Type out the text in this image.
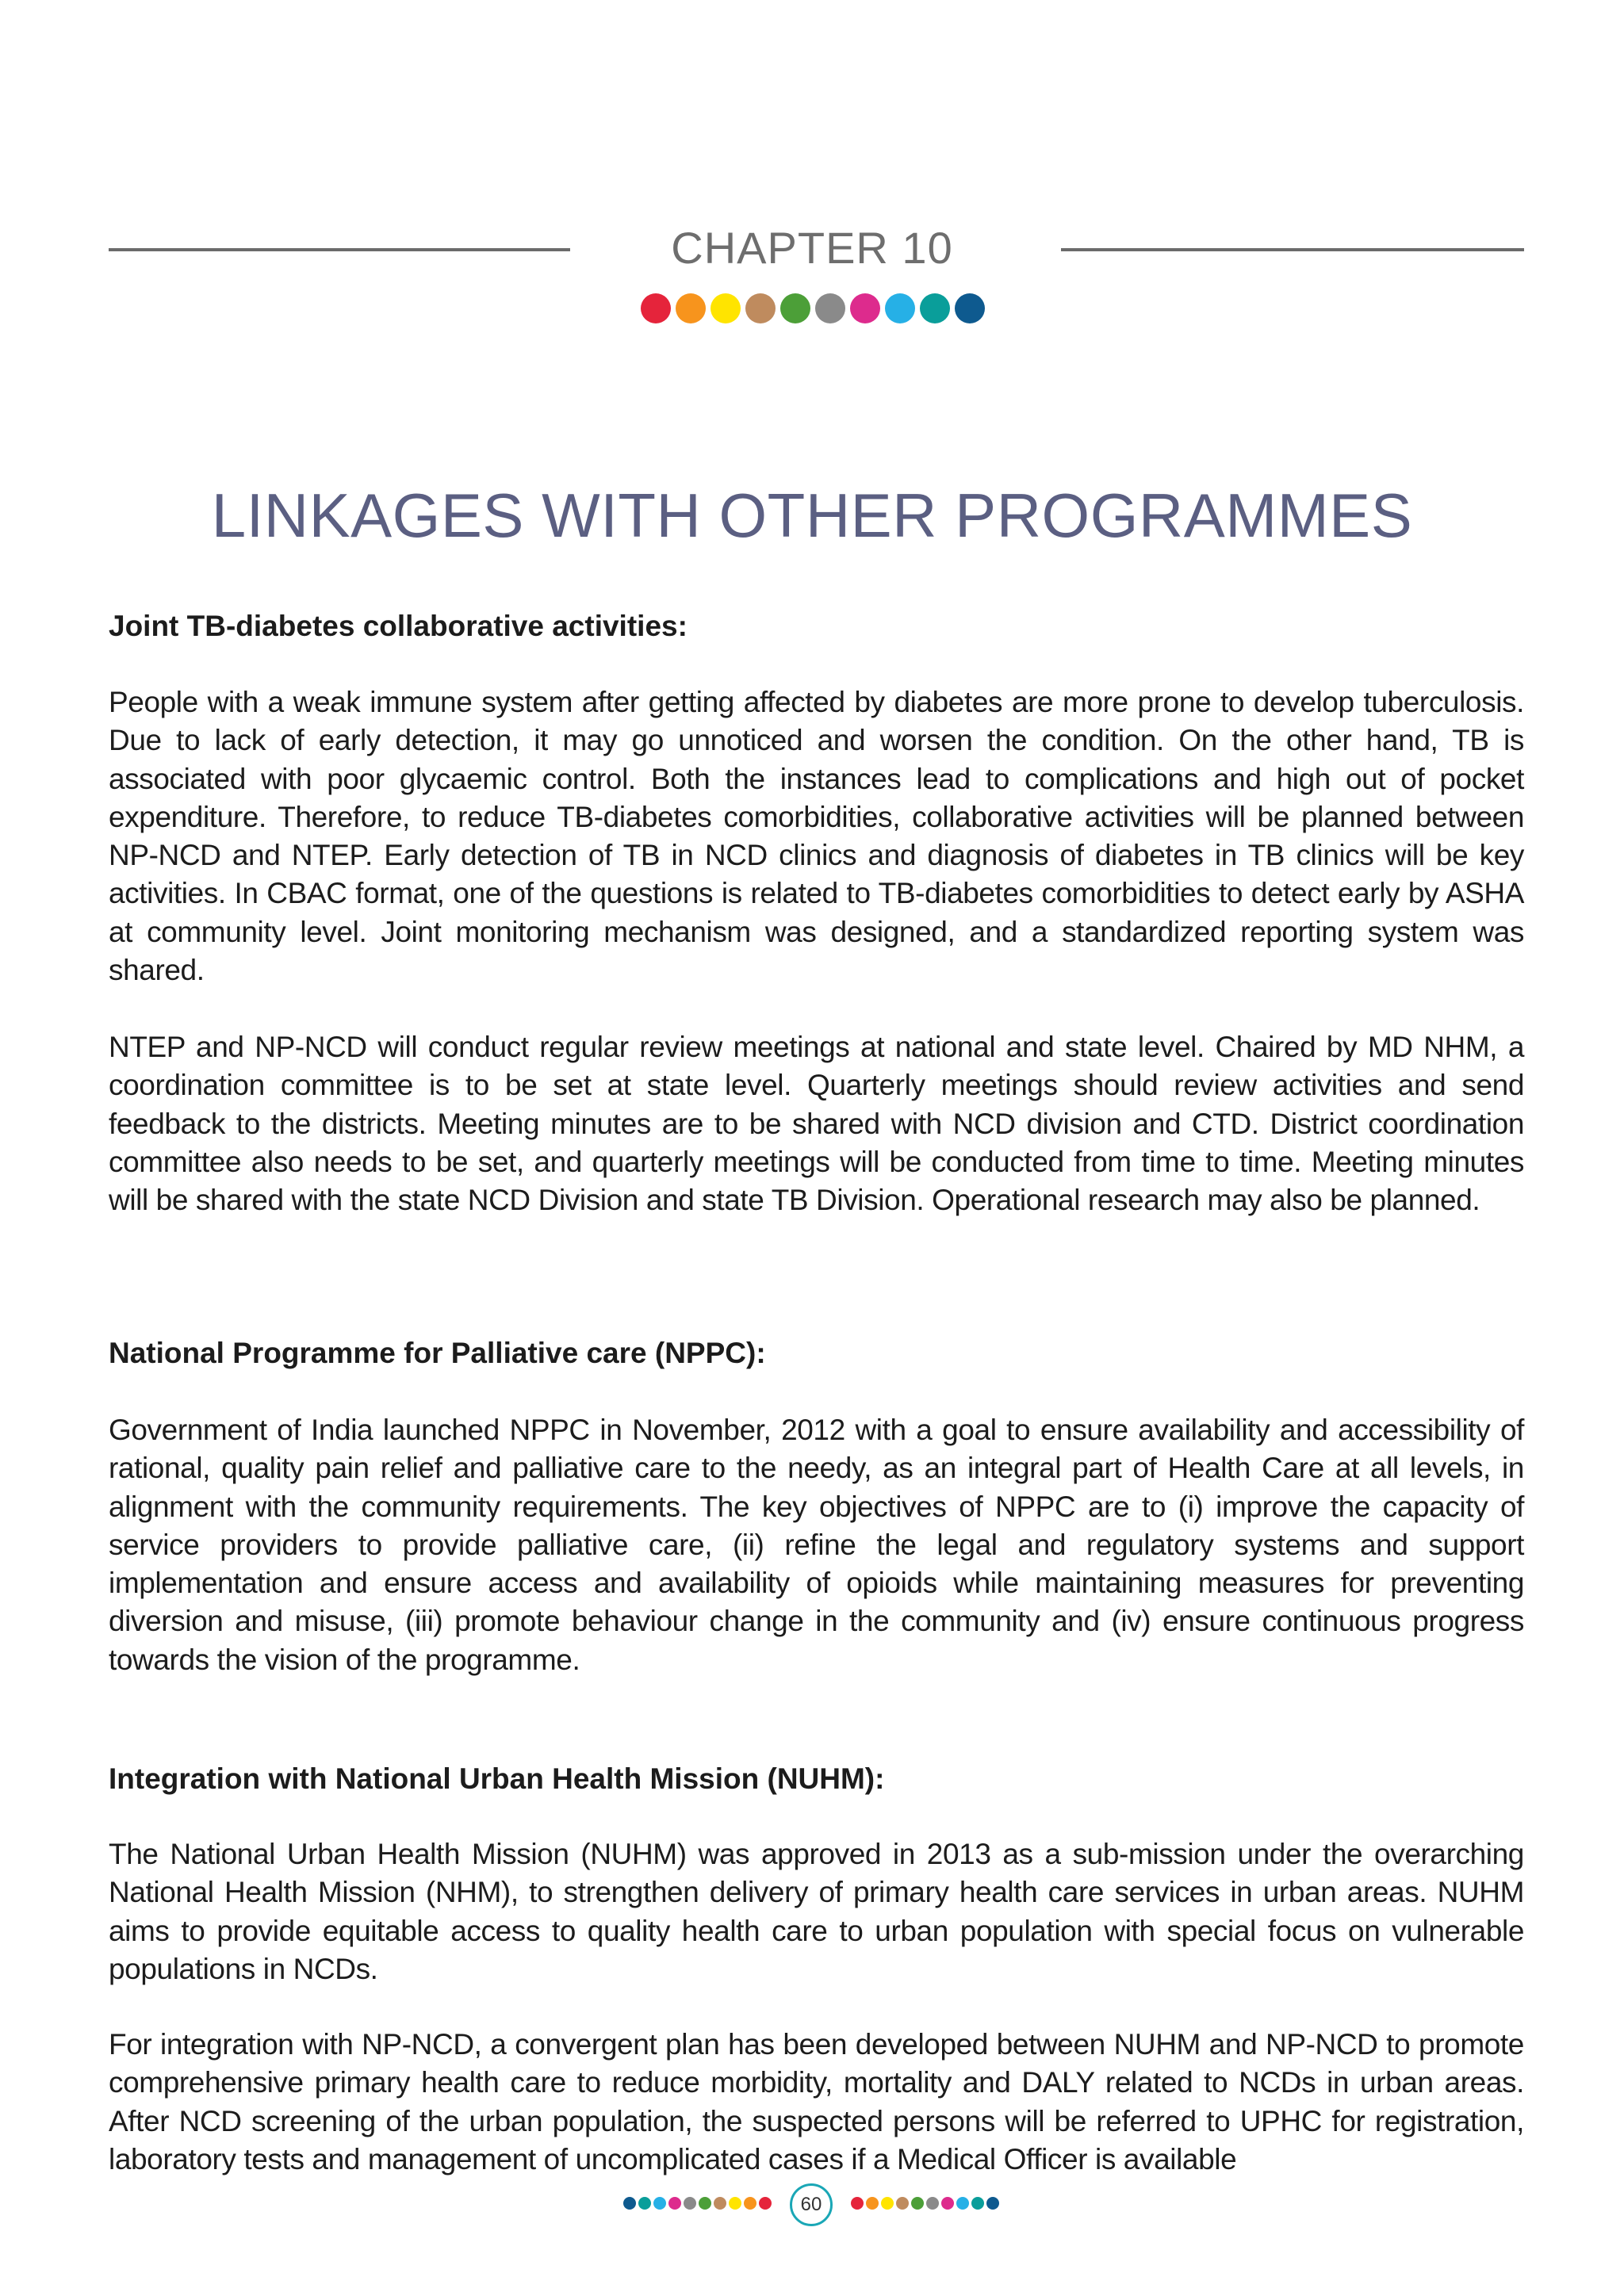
CHAPTER 10
LINKAGES WITH OTHER PROGRAMMES
Joint TB-diabetes collaborative activities:

People with a weak immune system after getting affected by diabetes are more prone to develop tuberculosis. Due to lack of early detection, it may go unnoticed and worsen the condition. On the other hand, TB is associated with poor glycaemic control. Both the instances lead to complications and high out of pocket expenditure. Therefore, to reduce TB-diabetes comorbidities, collaborative activities will be planned between NP-NCD and NTEP. Early detection of TB in NCD clinics and diagnosis of diabetes in TB clinics will be key activities. In CBAC format, one of the questions is related to TB-diabetes comorbidities to detect early by ASHA at community level. Joint monitoring mechanism was designed, and a standardized reporting system was shared.

NTEP and NP-NCD will conduct regular review meetings at national and state level. Chaired by MD NHM, a coordination committee is to be set at state level. Quarterly meetings should review activities and send feedback to the districts. Meeting minutes are to be shared with NCD division and CTD. District coordination committee also needs to be set, and quarterly meetings will be conducted from time to time. Meeting minutes will be shared with the state NCD Division and state TB Division. Operational research may also be planned.

National Programme for Palliative care (NPPC):

Government of India launched NPPC in November, 2012 with a goal to ensure availability and accessibility of rational, quality pain relief and palliative care to the needy, as an integral part of Health Care at all levels, in alignment with the community requirements. The key objectives of NPPC are to (i) improve the capacity of service providers to provide palliative care, (ii) refine the legal and regulatory systems and support implementation and ensure access and availability of opioids while maintaining measures for preventing diversion and misuse, (iii) promote behaviour change in the community and (iv) ensure continuous progress towards the vision of the programme.

Integration with National Urban Health Mission (NUHM):

The National Urban Health Mission (NUHM) was approved in 2013 as a sub-mission under the overarching National Health Mission (NHM), to strengthen delivery of primary health care services in urban areas. NUHM aims to provide equitable access to quality health care to urban population with special focus on vulnerable populations in NCDs.

For integration with NP-NCD, a convergent plan has been developed between NUHM and NP-NCD to promote comprehensive primary health care to reduce morbidity, mortality and DALY related to NCDs in urban areas. After NCD screening of the urban population, the suspected persons will be referred to UPHC for registration, laboratory tests and management of uncomplicated cases if a Medical Officer is available

60
